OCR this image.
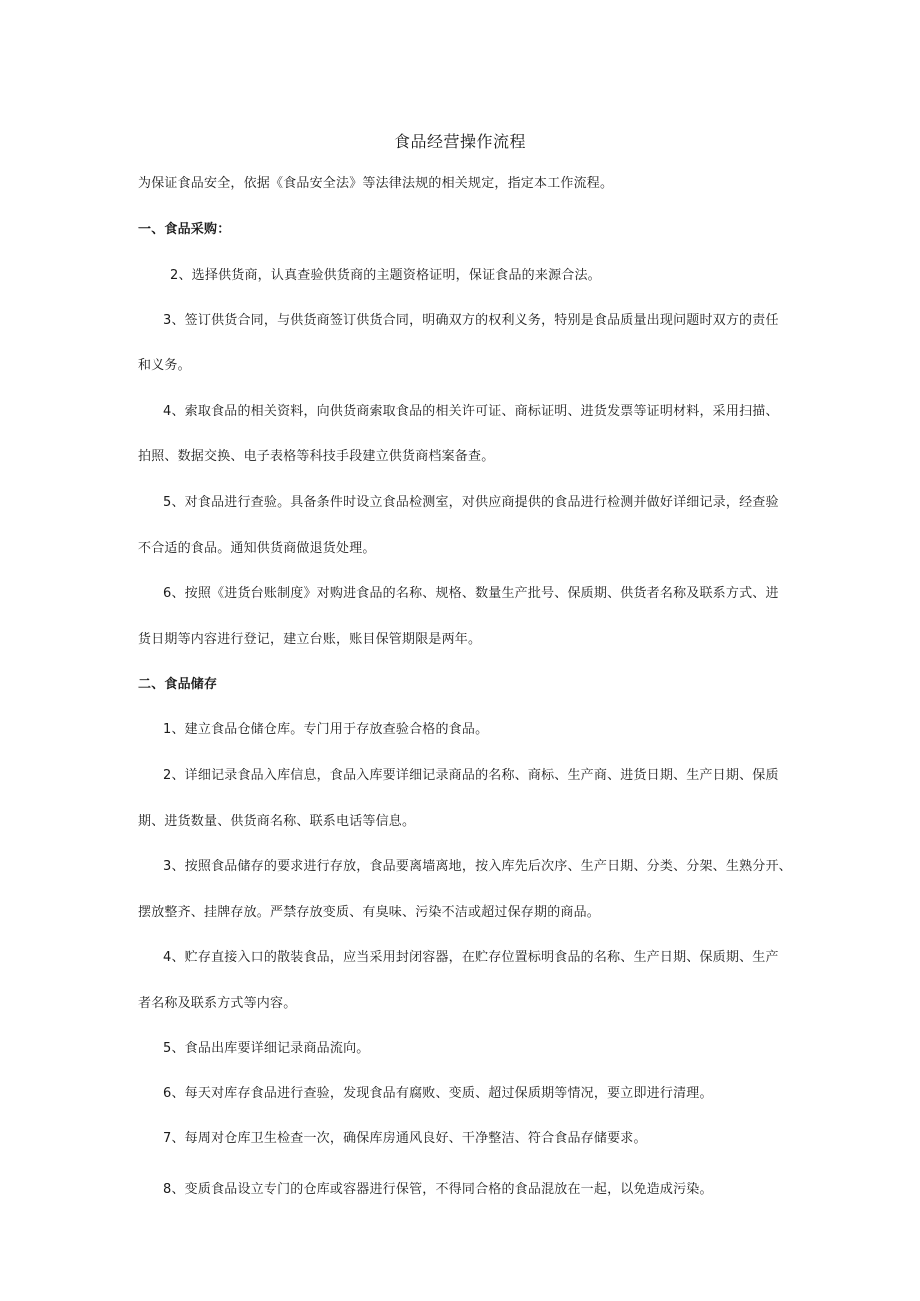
食品经营操作流程
为保证食品安全，依据《食品安全法》等法律法规的相关规定，指定本工作流程。
一、食品采购：
2、选择供货商，认真查验供货商的主题资格证明，保证食品的来源合法。
3、签订供货合同，与供货商签订供货合同，明确双方的权利义务，特别是食品质量出现问题时双方的责任
和义务。
4、索取食品的相关资料，向供货商索取食品的相关许可证、商标证明、进货发票等证明材料，采用扫描、
拍照、数据交换、电子表格等科技手段建立供货商档案备查。
5、对食品进行查验。具备条件时设立食品检测室，对供应商提供的食品进行检测并做好详细记录，经查验
不合适的食品。通知供货商做退货处理。
6、按照《进货台账制度》对购进食品的名称、规格、数量生产批号、保质期、供货者名称及联系方式、进
货日期等内容进行登记，建立台账，账目保管期限是两年。
二、食品储存
1、建立食品仓储仓库。专门用于存放查验合格的食品。
2、详细记录食品入库信息，食品入库要详细记录商品的名称、商标、生产商、进货日期、生产日期、保质
期、进货数量、供货商名称、联系电话等信息。
3、按照食品储存的要求进行存放，食品要离墙离地，按入库先后次序、生产日期、分类、分架、生熟分开、
摆放整齐、挂牌存放。严禁存放变质、有臭味、污染不洁或超过保存期的商品。
4、贮存直接入口的散装食品，应当采用封闭容器，在贮存位置标明食品的名称、生产日期、保质期、生产
者名称及联系方式等内容。
5、食品出库要详细记录商品流向。
6、每天对库存食品进行查验，发现食品有腐败、变质、超过保质期等情况，要立即进行清理。
7、每周对仓库卫生检查一次，确保库房通风良好、干净整洁、符合食品存储要求。
8、变质食品设立专门的仓库或容器进行保管，不得同合格的食品混放在一起，以免造成污染。
